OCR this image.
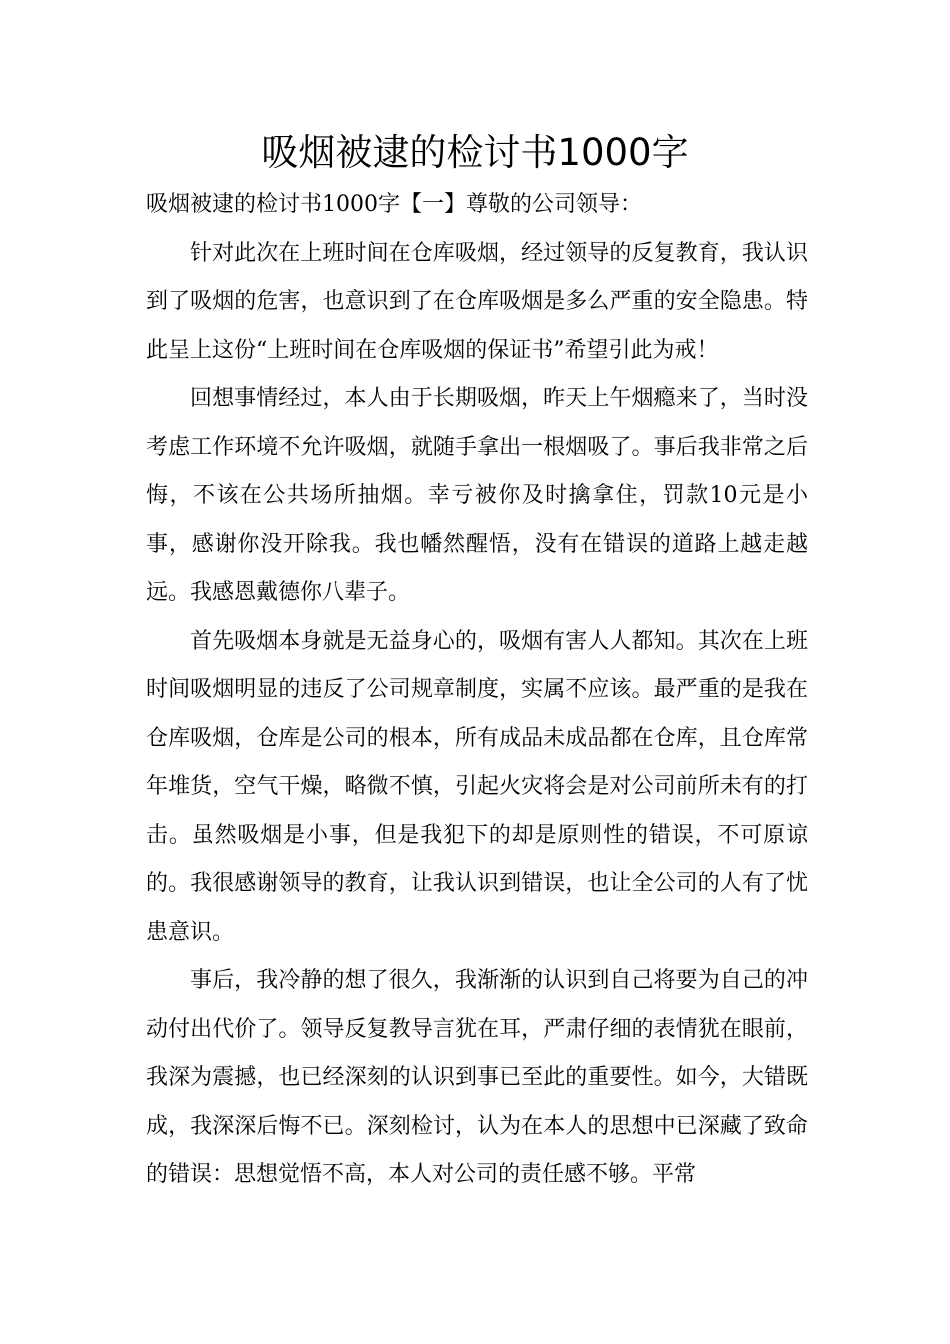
吸烟被逮的检讨书1000字

吸烟被逮的检讨书1000字【一】尊敬的公司领导：

针对此次在上班时间在仓库吸烟，经过领导的反复教育，我认识到了吸烟的危害，也意识到了在仓库吸烟是多么严重的安全隐患。特此呈上这份“上班时间在仓库吸烟的保证书”希望引此为戒！

回想事情经过，本人由于长期吸烟，昨天上午烟瘾来了，当时没考虑工作环境不允许吸烟，就随手拿出一根烟吸了。事后我非常之后悔，不该在公共场所抽烟。幸亏被你及时擒拿住，罚款10元是小事，感谢你没开除我。我也幡然醒悟，没有在错误的道路上越走越远。我感恩戴德你八辈子。

首先吸烟本身就是无益身心的，吸烟有害人人都知。其次在上班时间吸烟明显的违反了公司规章制度，实属不应该。最严重的是我在仓库吸烟，仓库是公司的根本，所有成品未成品都在仓库，且仓库常年堆货，空气干燥，略微不慎，引起火灾将会是对公司前所未有的打击。虽然吸烟是小事，但是我犯下的却是原则性的错误，不可原谅的。我很感谢领导的教育，让我认识到错误，也让全公司的人有了忧患意识。

事后，我冷静的想了很久，我渐渐的认识到自己将要为自己的冲动付出代价了。领导反复教导言犹在耳，严肃仔细的表情犹在眼前，我深为震撼，也已经深刻的认识到事已至此的重要性。如今，大错既成，我深深后悔不已。深刻检讨，认为在本人的思想中已深藏了致命的错误：思想觉悟不高，本人对公司的责任感不够。平常
